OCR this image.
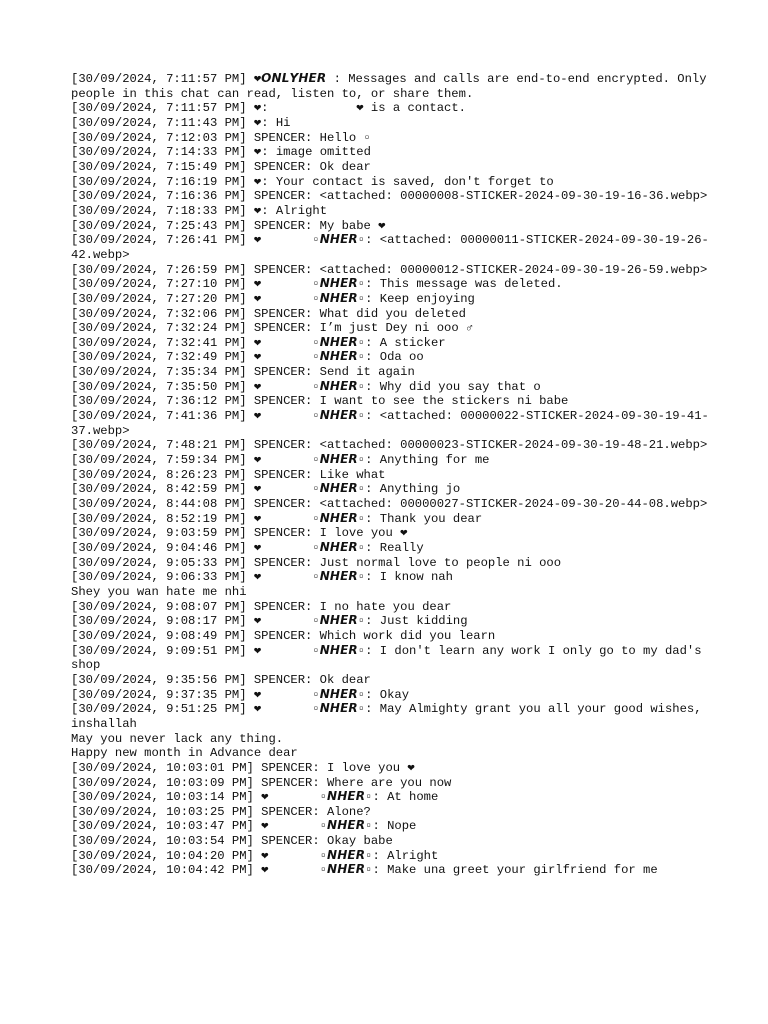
[30/09/2024, 7:11:57 PM] ❤𝙊𝙉𝙇𝙔𝙃𝙀𝙍 : Messages and calls are end-to-end encrypted. Only people in this chat can read, listen to, or share them.
[30/09/2024, 7:11:57 PM] ❤:            ❤ is a contact.
[30/09/2024, 7:11:43 PM] ❤: Hi
[30/09/2024, 7:12:03 PM] SPENCER: Hello ▫
[30/09/2024, 7:14:33 PM] ❤: image omitted
[30/09/2024, 7:15:49 PM] SPENCER: Ok dear
[30/09/2024, 7:16:19 PM] ❤: Your contact is saved, don't forget to
[30/09/2024, 7:16:36 PM] SPENCER: <attached: 00000008-STICKER-2024-09-30-19-16-36.webp>
[30/09/2024, 7:18:33 PM] ❤: Alright
[30/09/2024, 7:25:43 PM] SPENCER: My babe ❤
[30/09/2024, 7:26:41 PM] ❤       ▫𝙉𝙃𝙀𝙍▫: <attached: 00000011-STICKER-2024-09-30-19-26-42.webp>
[30/09/2024, 7:26:59 PM] SPENCER: <attached: 00000012-STICKER-2024-09-30-19-26-59.webp>
[30/09/2024, 7:27:10 PM] ❤       ▫𝙉𝙃𝙀𝙍▫: This message was deleted.
[30/09/2024, 7:27:20 PM] ❤       ▫𝙉𝙃𝙀𝙍▫: Keep enjoying
[30/09/2024, 7:32:06 PM] SPENCER: What did you deleted
[30/09/2024, 7:32:24 PM] SPENCER: I’m just Dey ni ooo ♂
[30/09/2024, 7:32:41 PM] ❤       ▫𝙉𝙃𝙀𝙍▫: A sticker
[30/09/2024, 7:32:49 PM] ❤       ▫𝙉𝙃𝙀𝙍▫: Oda oo
[30/09/2024, 7:35:34 PM] SPENCER: Send it again
[30/09/2024, 7:35:50 PM] ❤       ▫𝙉𝙃𝙀𝙍▫: Why did you say that o
[30/09/2024, 7:36:12 PM] SPENCER: I want to see the stickers ni babe
[30/09/2024, 7:41:36 PM] ❤       ▫𝙉𝙃𝙀𝙍▫: <attached: 00000022-STICKER-2024-09-30-19-41-37.webp>
[30/09/2024, 7:48:21 PM] SPENCER: <attached: 00000023-STICKER-2024-09-30-19-48-21.webp>
[30/09/2024, 7:59:34 PM] ❤       ▫𝙉𝙃𝙀𝙍▫: Anything for me
[30/09/2024, 8:26:23 PM] SPENCER: Like what
[30/09/2024, 8:42:59 PM] ❤       ▫𝙉𝙃𝙀𝙍▫: Anything jo
[30/09/2024, 8:44:08 PM] SPENCER: <attached: 00000027-STICKER-2024-09-30-20-44-08.webp>
[30/09/2024, 8:52:19 PM] ❤       ▫𝙉𝙃𝙀𝙍▫: Thank you dear
[30/09/2024, 9:03:59 PM] SPENCER: I love you ❤
[30/09/2024, 9:04:46 PM] ❤       ▫𝙉𝙃𝙀𝙍▫: Really
[30/09/2024, 9:05:33 PM] SPENCER: Just normal love to people ni ooo
[30/09/2024, 9:06:33 PM] ❤       ▫𝙉𝙃𝙀𝙍▫: I know nah
Shey you wan hate me nhi
[30/09/2024, 9:08:07 PM] SPENCER: I no hate you dear
[30/09/2024, 9:08:17 PM] ❤       ▫𝙉𝙃𝙀𝙍▫: Just kidding
[30/09/2024, 9:08:49 PM] SPENCER: Which work did you learn
[30/09/2024, 9:09:51 PM] ❤       ▫𝙉𝙃𝙀𝙍▫: I don't learn any work I only go to my dad's shop
[30/09/2024, 9:35:56 PM] SPENCER: Ok dear
[30/09/2024, 9:37:35 PM] ❤       ▫𝙉𝙃𝙀𝙍▫: Okay
[30/09/2024, 9:51:25 PM] ❤       ▫𝙉𝙃𝙀𝙍▫: May Almighty grant you all your good wishes, inshallah
May you never lack any thing.
Happy new month in Advance dear
[30/09/2024, 10:03:01 PM] SPENCER: I love you ❤
[30/09/2024, 10:03:09 PM] SPENCER: Where are you now
[30/09/2024, 10:03:14 PM] ❤       ▫𝙉𝙃𝙀𝙍▫: At home
[30/09/2024, 10:03:25 PM] SPENCER: Alone?
[30/09/2024, 10:03:47 PM] ❤       ▫𝙉𝙃𝙀𝙍▫: Nope
[30/09/2024, 10:03:54 PM] SPENCER: Okay babe
[30/09/2024, 10:04:20 PM] ❤       ▫𝙉𝙃𝙀𝙍▫: Alright
[30/09/2024, 10:04:42 PM] ❤       ▫𝙉𝙃𝙀𝙍▫: Make una greet your girlfriend for me
